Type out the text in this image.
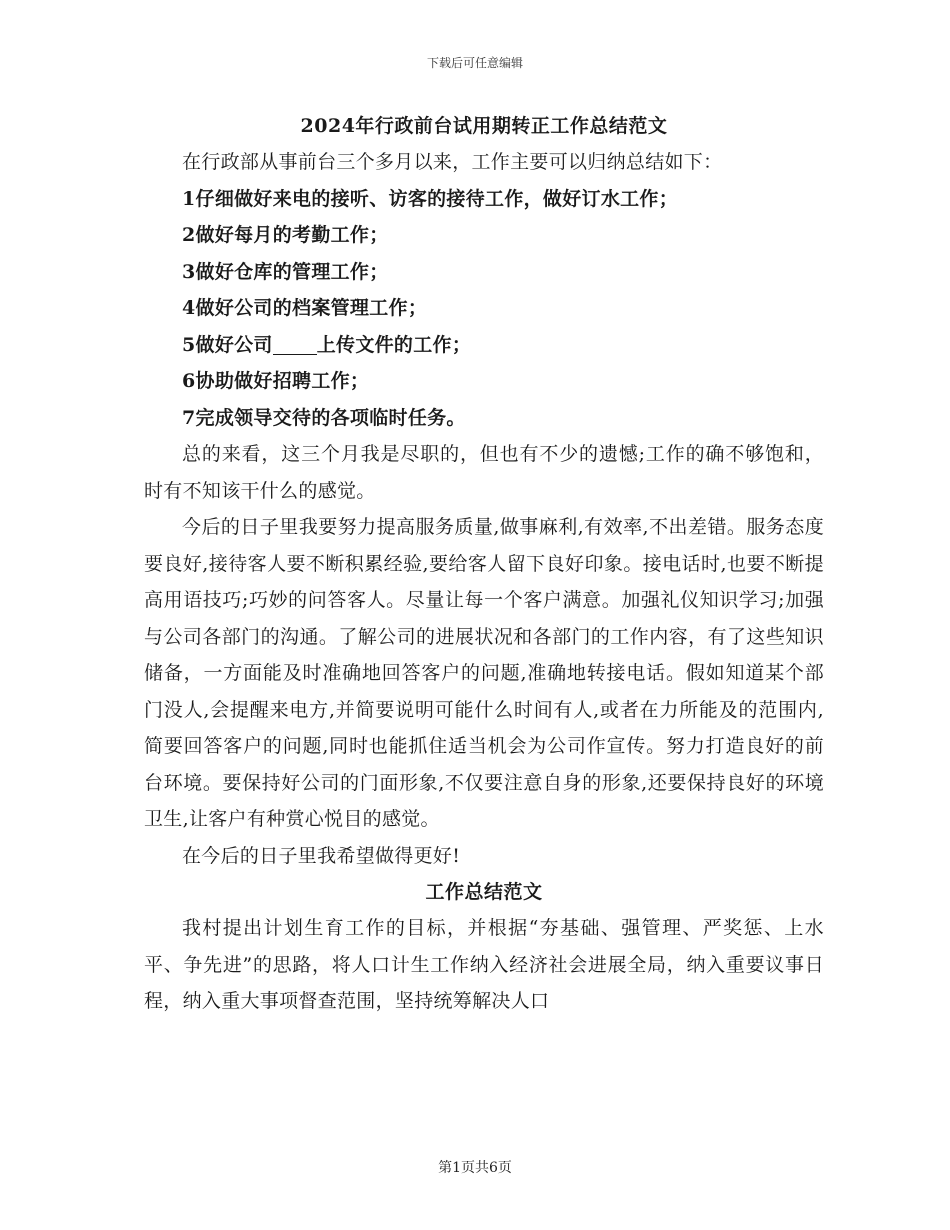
下载后可任意编辑
2024年行政前台试用期转正工作总结范文

在行政部从事前台三个多月以来，工作主要可以归纳总结如下：

1仔细做好来电的接听、访客的接待工作，做好订水工作；

2做好每月的考勤工作；

3做好仓库的管理工作；

4做好公司的档案管理工作；

5做好公司 上传文件的工作；

6协助做好招聘工作；

7完成领导交待的各项临时任务。

总的来看，这三个月我是尽职的，但也有不少的遗憾;工作的确不够饱和，时有不知该干什么的感觉。

今后的日子里我要努力提高服务质量,做事麻利,有效率,不出差错。服务态度要良好,接待客人要不断积累经验,要给客人留下良好印象。接电话时,也要不断提高用语技巧;巧妙的问答客人。尽量让每一个客户满意。加强礼仪知识学习;加强与公司各部门的沟通。了解公司的进展状况和各部门的工作内容，有了这些知识储备，一方面能及时准确地回答客户的问题,准确地转接电话。假如知道某个部门没人,会提醒来电方,并简要说明可能什么时间有人,或者在力所能及的范围内,简要回答客户的问题,同时也能抓住适当机会为公司作宣传。努力打造良好的前台环境。要保持好公司的门面形象,不仅要注意自身的形象,还要保持良好的环境卫生,让客户有种赏心悦目的感觉。

在今后的日子里我希望做得更好!

工作总结范文

我村提出计划生育工作的目标，并根据“夯基础、强管理、严奖惩、上水平、争先进”的思路，将人口计生工作纳入经济社会进展全局，纳入重要议事日程，纳入重大事项督查范围，坚持统筹解决人口

第1页共6页
